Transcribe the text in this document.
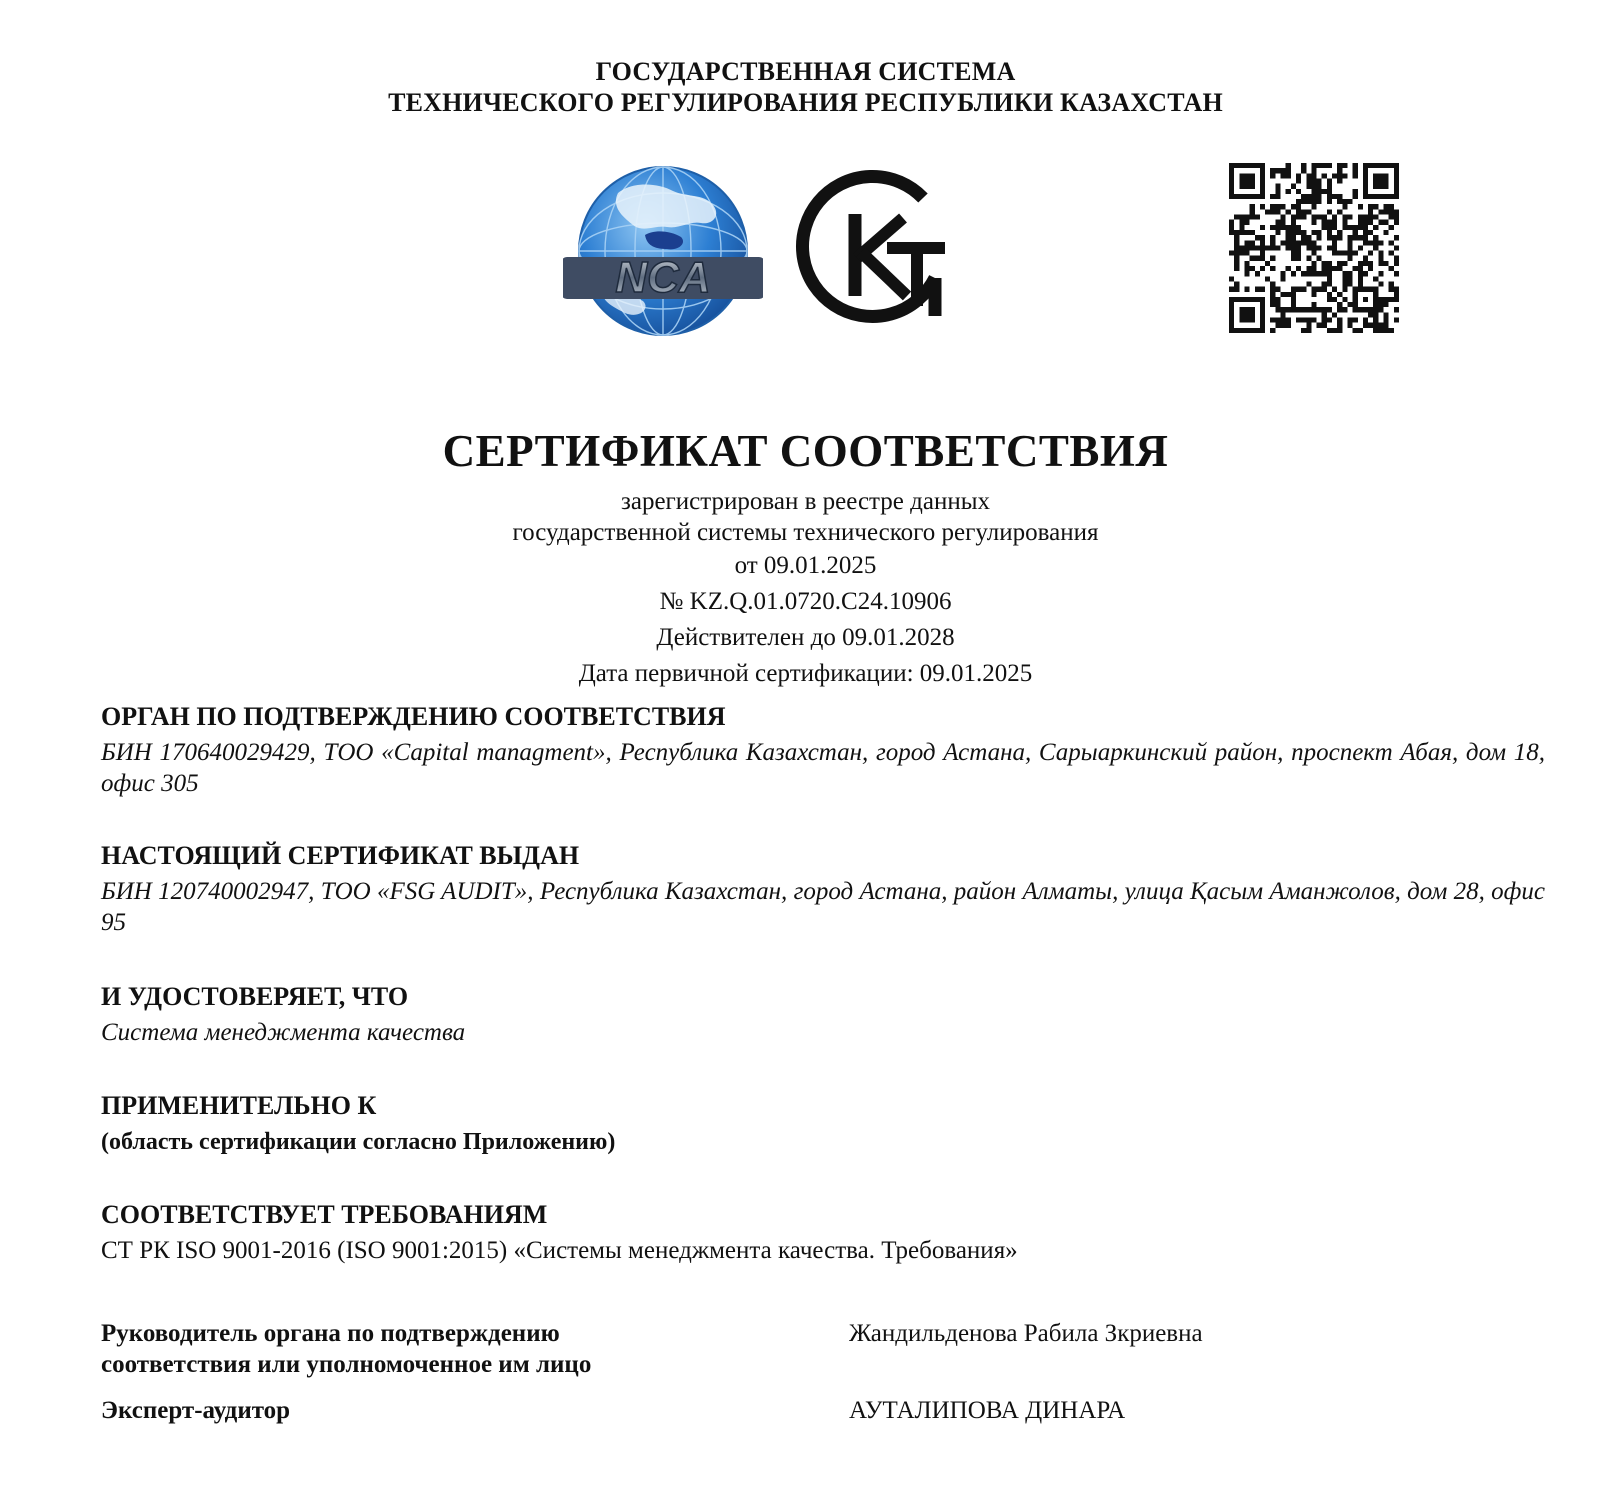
ГОСУДАРСТВЕННАЯ СИСТЕМА
ТЕХНИЧЕСКОГО РЕГУЛИРОВАНИЯ РЕСПУБЛИКИ КАЗАХСТАН
NCA
KZ
СЕРТИФИКАТ СООТВЕТСТВИЯ
зарегистрирован в реестре данных
государственной системы технического регулирования
от 09.01.2025
№ KZ.Q.01.0720.C24.10906
Действителен до 09.01.2028
Дата первичной сертификации: 09.01.2025
ОРГАН ПО ПОДТВЕРЖДЕНИЮ СООТВЕТСТВИЯ
БИН 170640029429, ТОО «Capital managment», Республика Казахстан, город Астана, Сарыаркинский район, проспект Абая, дом 18, офис 305
НАСТОЯЩИЙ СЕРТИФИКАТ ВЫДАН
БИН 120740002947, ТОО «FSG AUDIT», Республика Казахстан, город Астана, район Алматы, улица Қасым Аманжолов, дом 28, офис 95
И УДОСТОВЕРЯЕТ, ЧТО
Система менеджмента качества
ПРИМЕНИТЕЛЬНО К
(область сертификации согласно Приложению)
СООТВЕТСТВУЕТ ТРЕБОВАНИЯМ
СТ РК ISO 9001-2016 (ISO 9001:2015) «Системы менеджмента качества. Требования»
Руководитель органа по подтверждению
соответствия или уполномоченное им лицо
Жандильденова Рабила Зкриевна
Эксперт-аудитор	АУТАЛИПОВА ДИНАРА
